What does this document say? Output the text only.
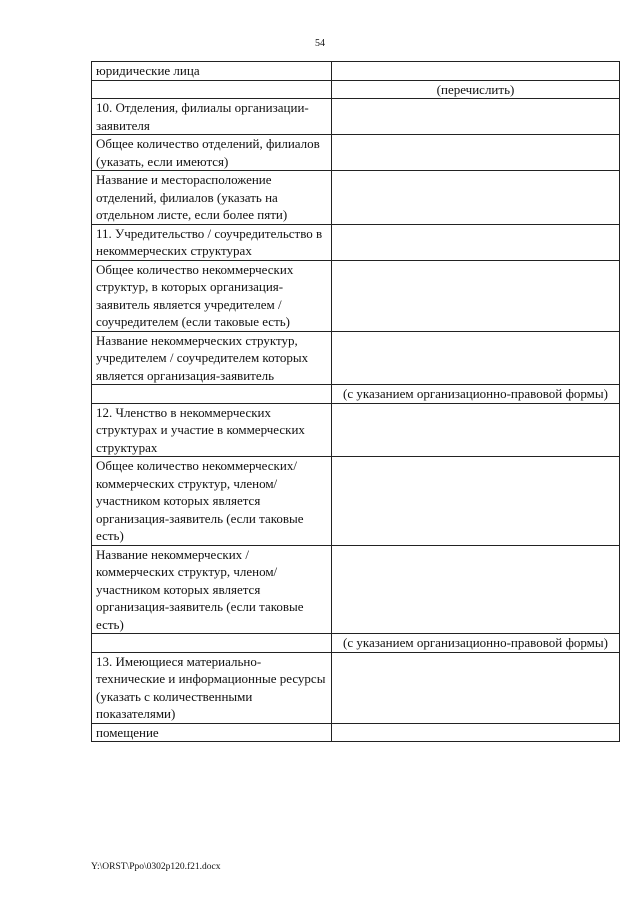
54
юридические лица	
	(перечислить)
10. Отделения, филиалы организации-заявителя	
Общее количество отделений, филиалов (указать, если имеются)	
Название и месторасположение отделений, филиалов (указать на отдельном листе, если более пяти)	
11. Учредительство / соучредительство в некоммерческих структурах	
Общее количество некоммерческих структур, в которых организация-заявитель является учредителем / соучредителем (если таковые есть)	
Название некоммерческих структур, учредителем / соучредителем которых является организация-заявитель	
	(с указанием организационно-правовой формы)
12. Членство в некоммерческих структурах и участие в коммерческих структурах	
Общее количество некоммерческих/коммерческих структур, членом/участником которых является организация-заявитель (если таковые есть)	
Название некоммерческих / коммерческих структур, членом/участником которых является организация-заявитель (если таковые есть)	
	(с указанием организационно-правовой формы)
13. Имеющиеся материально-технические и информационные ресурсы (указать с количественными показателями)	
помещение	
Y:\ORST\Ppo\0302p120.f21.docx
